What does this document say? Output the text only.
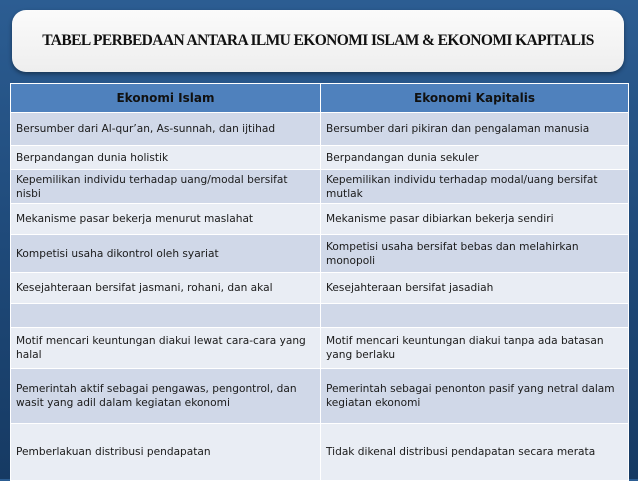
TABEL PERBEDAAN ANTARA ILMU EKONOMI ISLAM & EKONOMI KAPITALIS
Ekonomi Islam	Ekonomi Kapitalis
Bersumber dari Al-qur’an, As-sunnah, dan ijtihad	Bersumber dari pikiran dan pengalaman manusia
Berpandangan dunia holistik	Berpandangan dunia sekuler
Kepemilikan individu terhadap uang/modal bersifat nisbi	Kepemilikan individu terhadap modal/uang bersifat mutlak
Mekanisme pasar bekerja menurut maslahat	Mekanisme pasar dibiarkan bekerja sendiri
Kompetisi usaha dikontrol oleh syariat	Kompetisi usaha bersifat bebas dan melahirkan monopoli
Kesejahteraan bersifat jasmani, rohani, dan akal	Kesejahteraan bersifat jasadiah

Motif mencari keuntungan diakui lewat cara-cara yang halal	Motif mencari keuntungan diakui tanpa ada batasan yang berlaku
Pemerintah aktif sebagai pengawas, pengontrol, dan wasit yang adil dalam kegiatan ekonomi	Pemerintah sebagai penonton pasif yang netral dalam kegiatan ekonomi
Pemberlakuan distribusi pendapatan	Tidak dikenal distribusi pendapatan secara merata
